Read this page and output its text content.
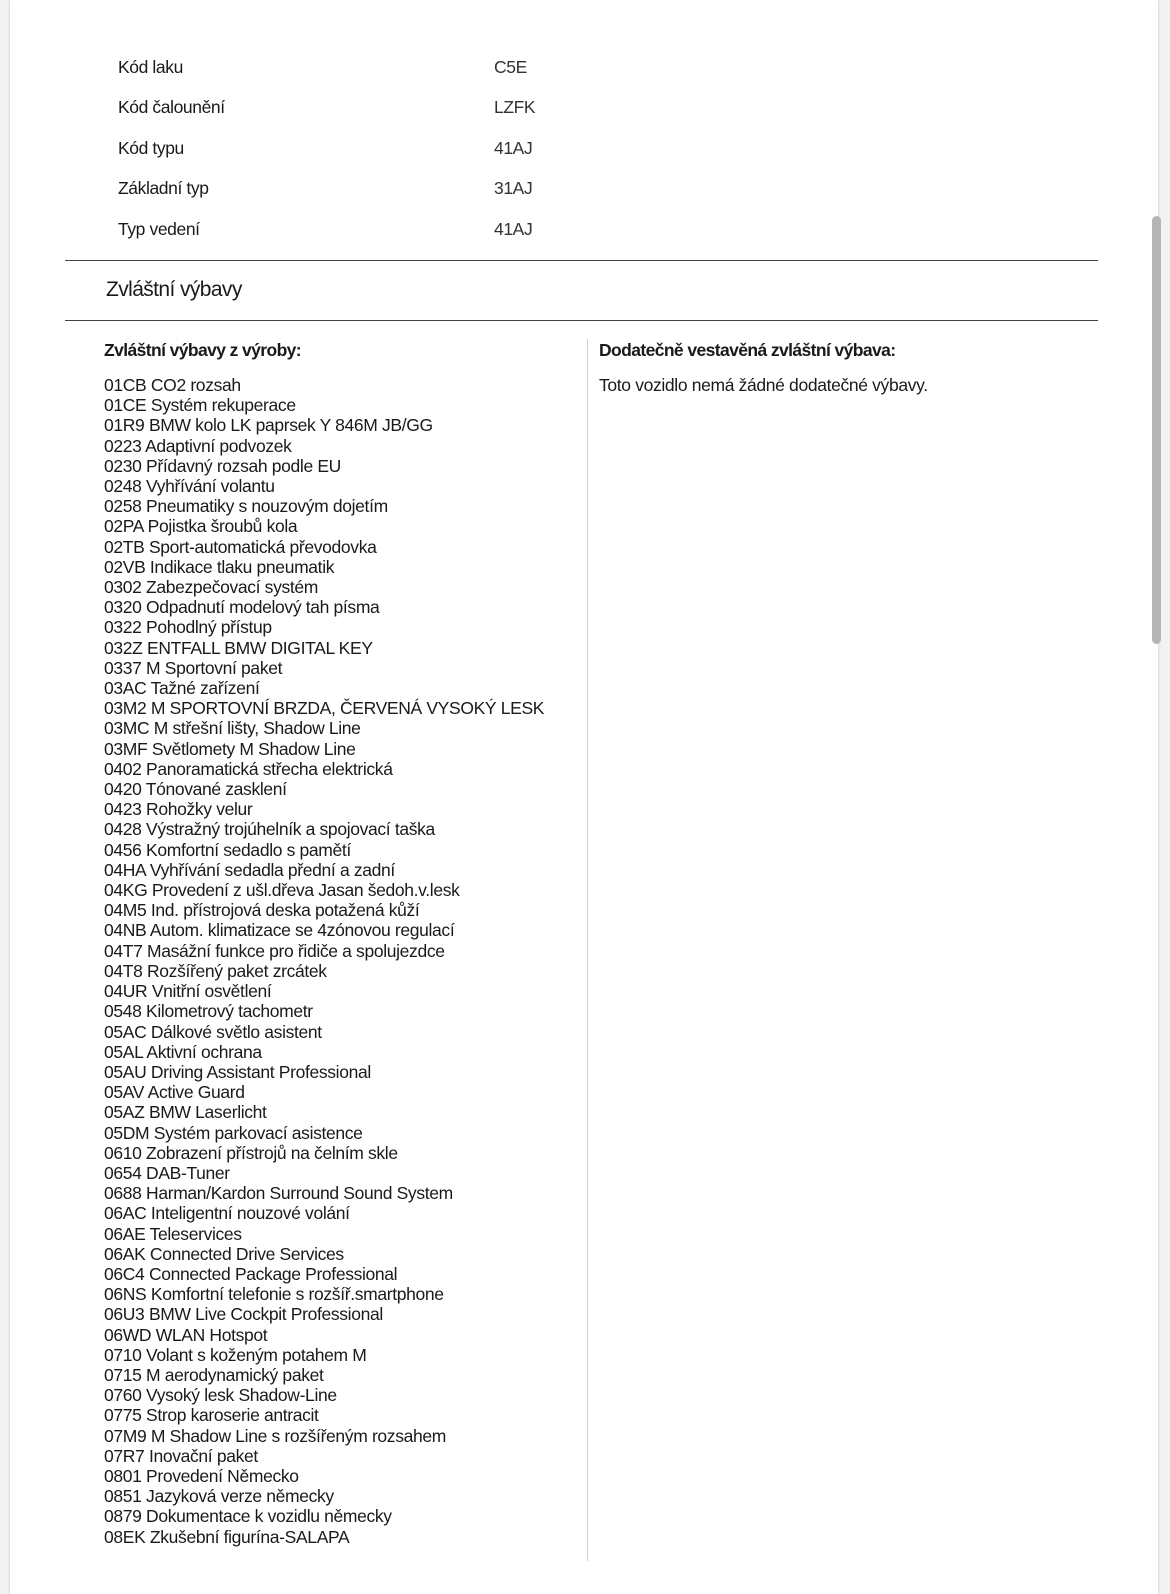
Kód laku	C5E
Kód čalounění	LZFK
Kód typu	41AJ
Základní typ	31AJ
Typ vedení	41AJ
Zvláštní výbavy
Zvláštní výbavy z výroby:
01CB CO2 rozsah
01CE Systém rekuperace
01R9 BMW kolo LK paprsek Y 846M JB/GG
0223 Adaptivní podvozek
0230 Přídavný rozsah podle EU
0248 Vyhřívání volantu
0258 Pneumatiky s nouzovým dojetím
02PA Pojistka šroubů kola
02TB Sport-automatická převodovka
02VB Indikace tlaku pneumatik
0302 Zabezpečovací systém
0320 Odpadnutí modelový tah písma
0322 Pohodlný přístup
032Z ENTFALL BMW DIGITAL KEY
0337 M Sportovní paket
03AC Tažné zařízení
03M2 M SPORTOVNÍ BRZDA, ČERVENÁ VYSOKÝ LESK
03MC M střešní lišty, Shadow Line
03MF Světlomety M Shadow Line
0402 Panoramatická střecha elektrická
0420 Tónované zasklení
0423 Rohožky velur
0428 Výstražný trojúhelník a spojovací taška
0456 Komfortní sedadlo s pamětí
04HA Vyhřívání sedadla přední a zadní
04KG Provedení z ušl.dřeva Jasan šedoh.v.lesk
04M5 Ind. přístrojová deska potažená kůží
04NB Autom. klimatizace se 4zónovou regulací
04T7 Masážní funkce pro řidiče a spolujezdce
04T8 Rozšířený paket zrcátek
04UR Vnitřní osvětlení
0548 Kilometrový tachometr
05AC Dálkové světlo asistent
05AL Aktivní ochrana
05AU Driving Assistant Professional
05AV Active Guard
05AZ BMW Laserlicht
05DM Systém parkovací asistence
0610 Zobrazení přístrojů na čelním skle
0654 DAB-Tuner
0688 Harman/Kardon Surround Sound System
06AC Inteligentní nouzové volání
06AE Teleservices
06AK Connected Drive Services
06C4 Connected Package Professional
06NS Komfortní telefonie s rozšíř.smartphone
06U3 BMW Live Cockpit Professional
06WD WLAN Hotspot
0710 Volant s koženým potahem M
0715 M aerodynamický paket
0760 Vysoký lesk Shadow-Line
0775 Strop karoserie antracit
07M9 M Shadow Line s rozšířeným rozsahem
07R7 Inovační paket
0801 Provedení Německo
0851 Jazyková verze německy
0879 Dokumentace k vozidlu německy
08EK Zkušební figurína-SALAPA
Dodatečně vestavěná zvláštní výbava:
Toto vozidlo nemá žádné dodatečné výbavy.
